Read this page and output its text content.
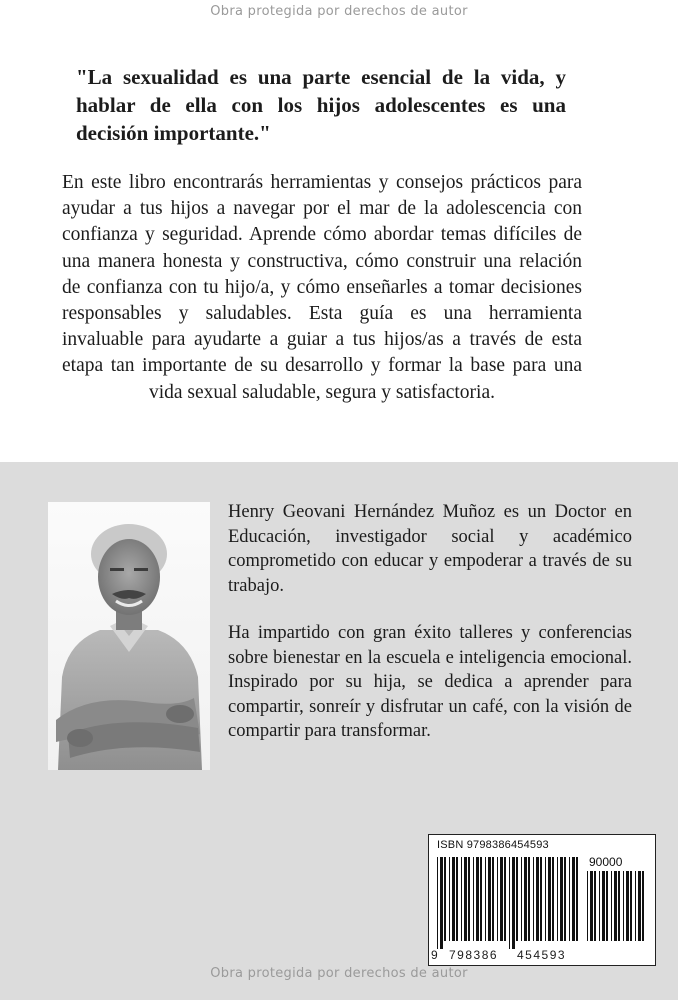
Obra protegida por derechos de autor
"La sexualidad es una parte esencial de la vida, y hablar de ella con los hijos adolescentes es una decisión importante."
En este libro encontrarás herramientas y consejos prácticos para ayudar a tus hijos a navegar por el mar de la adolescencia con confianza y seguridad. Aprende cómo abordar temas difíciles de una manera honesta y constructiva, cómo construir una relación de confianza con tu hijo/a, y cómo enseñarles a tomar decisiones responsables y saludables. Esta guía es una herramienta invaluable para ayudarte a guiar a tus hijos/as a través de esta etapa tan importante de su desarrollo y formar la base para una vida sexual saludable, segura y satisfactoria.
Henry Geovani Hernández Muñoz es un Doctor en Educación, investigador social y académico comprometido con educar y empoderar a través de su trabajo.
Ha impartido con gran éxito talleres y conferencias sobre bienestar en la escuela e inteligencia emocional. Inspirado por su hija, se dedica a aprender para compartir, sonreír y disfrutar un café, con la visión de compartir para transformar.
ISBN 9798386454593
90000
9 798386 454593
Obra protegida por derechos de autor
